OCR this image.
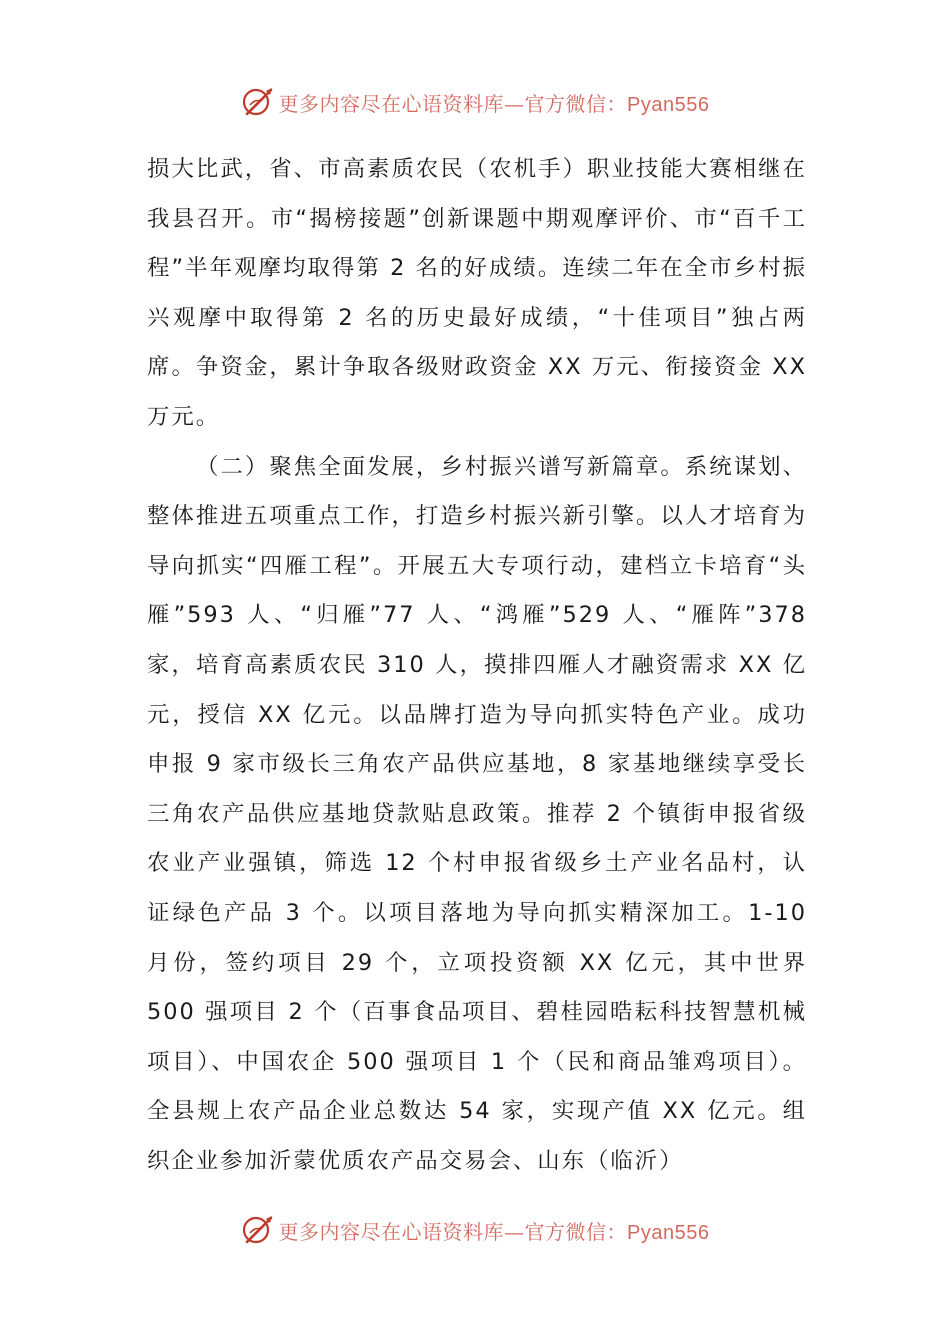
更多内容尽在心语资料库—官方微信：Pyan556

损大比武，省、市高素质农民（农机手）职业技能大赛相继在我县召开。市“揭榜接题”创新课题中期观摩评价、市“百千工程”半年观摩均取得第 2 名的好成绩。连续二年在全市乡村振兴观摩中取得第 2 名的历史最好成绩，“十佳项目”独占两席。争资金，累计争取各级财政资金 XX 万元、衔接资金 XX 万元。

（二）聚焦全面发展，乡村振兴谱写新篇章。系统谋划、整体推进五项重点工作，打造乡村振兴新引擎。以人才培育为导向抓实“四雁工程”。开展五大专项行动，建档立卡培育“头雁”593 人、“归雁”77 人、“鸿雁”529 人、“雁阵”378 家，培育高素质农民 310 人，摸排四雁人才融资需求 XX 亿元，授信 XX 亿元。以品牌打造为导向抓实特色产业。成功申报 9 家市级长三角农产品供应基地，8 家基地继续享受长三角农产品供应基地贷款贴息政策。推荐 2 个镇街申报省级农业产业强镇，筛选 12 个村申报省级乡土产业名品村，认证绿色产品 3 个。以项目落地为导向抓实精深加工。1-10 月份，签约项目 29 个，立项投资额 XX 亿元，其中世界 500 强项目 2 个（百事食品项目、碧桂园晧耘科技智慧机械项目）、中国农企 500 强项目 1 个（民和商品雏鸡项目）。全县规上农产品企业总数达 54 家，实现产值 XX 亿元。组织企业参加沂蒙优质农产品交易会、山东（临沂）

更多内容尽在心语资料库—官方微信：Pyan556
